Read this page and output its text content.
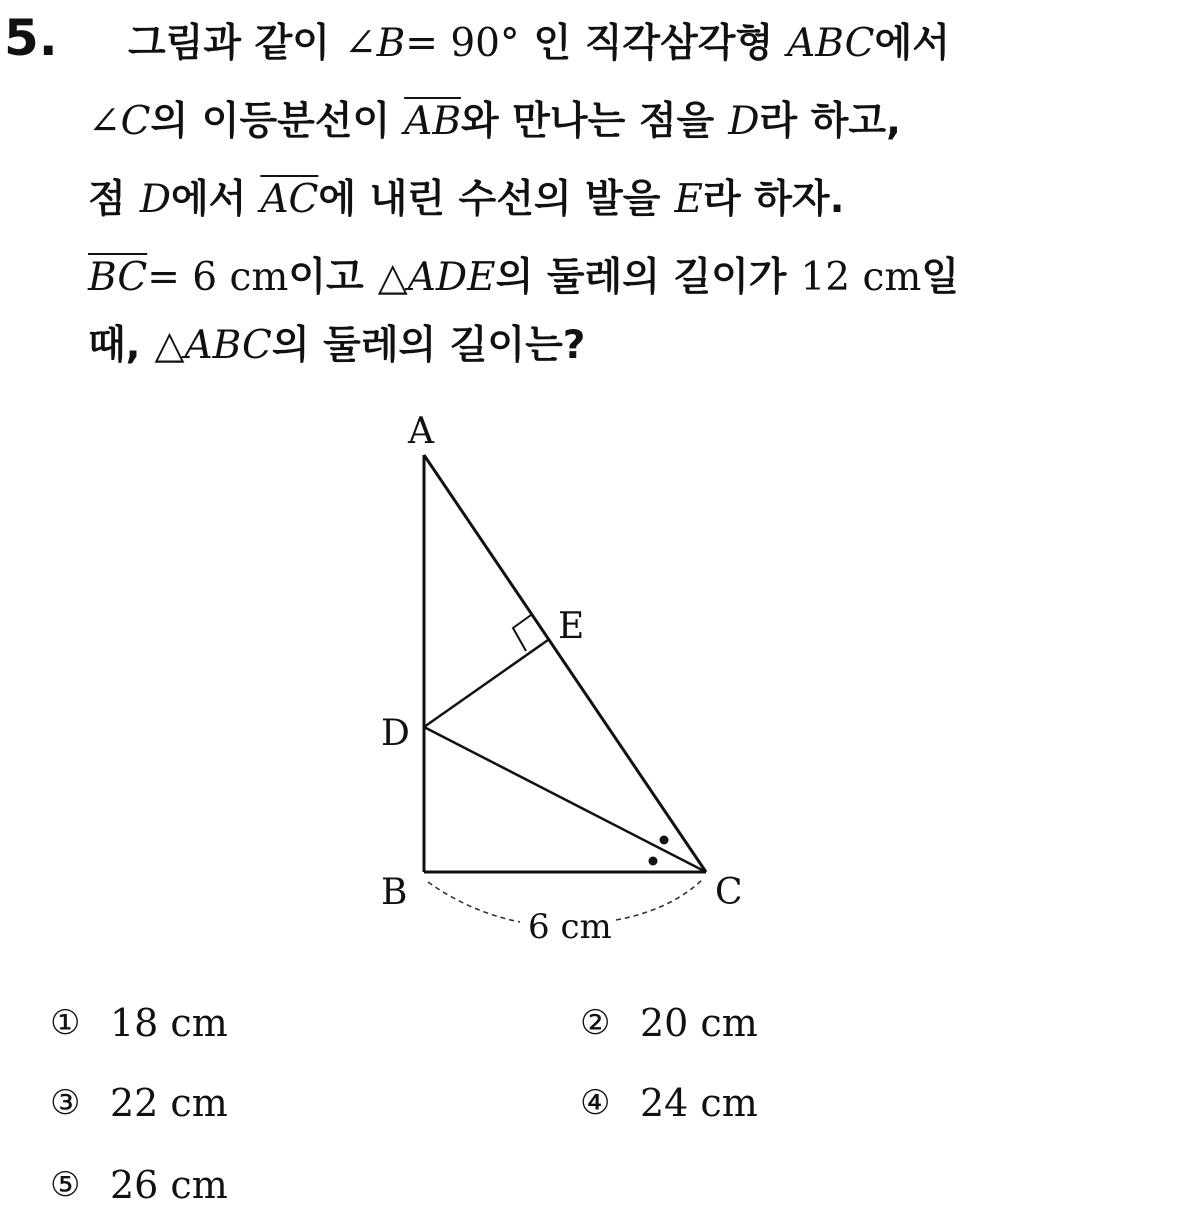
5. 그림과 같이 ∠B= 90° 인 직각삼각형 ABC에서
∠C의 이등분선이 $\overline{AB}$와 만나는 점을 D라 하고,
점 D에서 $\overline{AC}$에 내린 수선의 발을 E라 하자.
$\overline{BC}= 6$ cm이고 △ADE의 둘레의 길이가 12 cm일
때, △ABC의 둘레의 길이는?
A
E
D
B	C
6 cm
① 18 cm	② 20 cm
③ 22 cm	④ 24 cm
⑤ 26 cm
